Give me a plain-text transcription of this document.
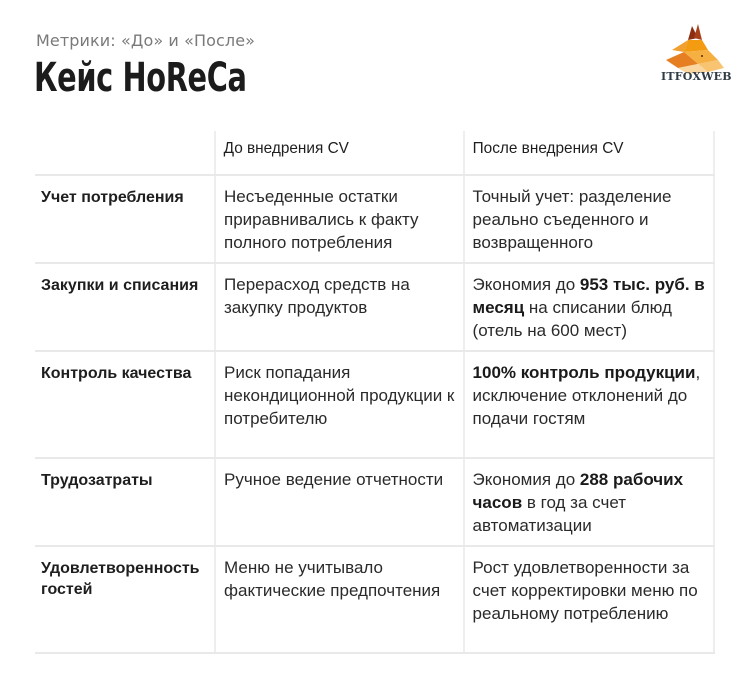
Метрики: «До» и «После»
Кейс HoReCa	ITFOXWEB
	До внедрения CV	После внедрения CV
Учет потребления	Несъеденные остатки приравнивались к факту полного потребления	Точный учет: разделение реально съеденного и возвращенного
Закупки и списания	Перерасход средств на закупку продуктов	Экономия до 953 тыс. руб. в месяц на списании блюд (отель на 600 мест)
Контроль качества	Риск попадания некондиционной продукции к потребителю	100% контроль продукции, исключение отклонений до подачи гостям
Трудозатраты	Ручное ведение отчетности	Экономия до 288 рабочих часов в год за счет автоматизации
Удовлетворенность гостей	Меню не учитывало фактические предпочтения	Рост удовлетворенности за счет корректировки меню по реальному потреблению
